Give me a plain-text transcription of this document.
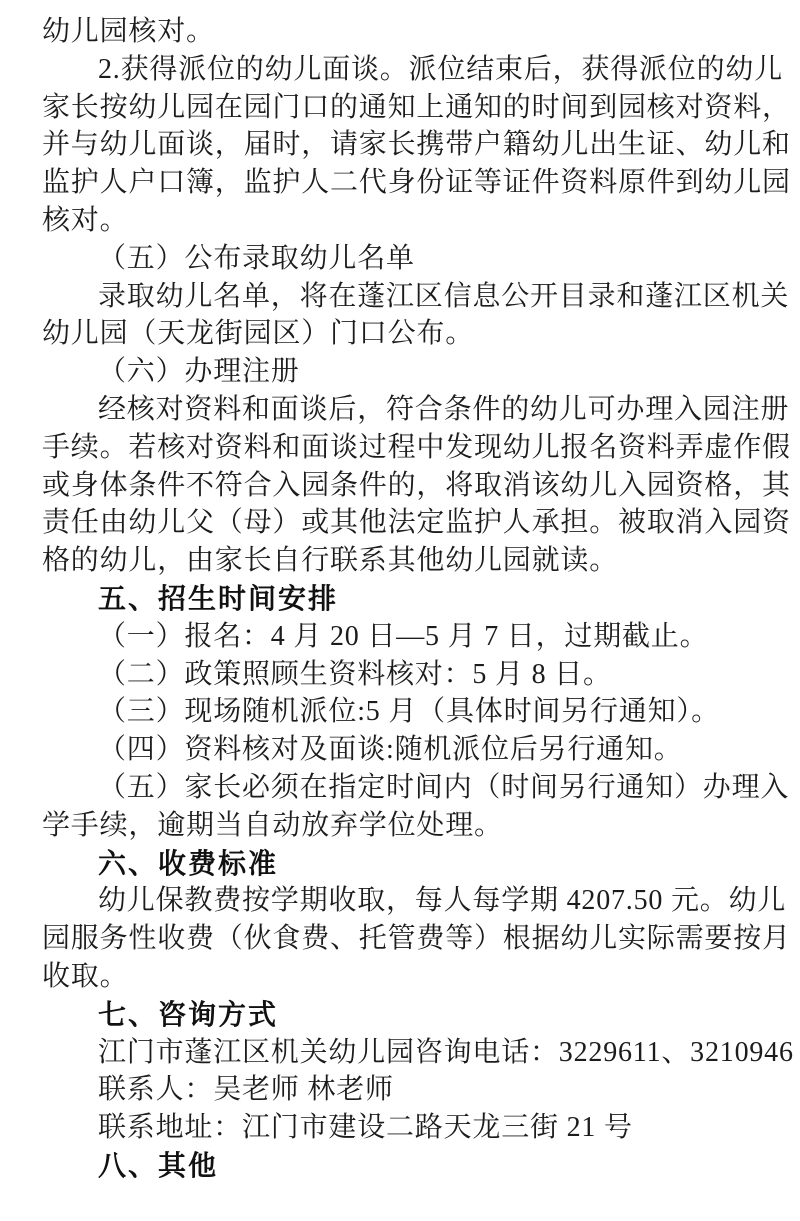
幼儿园核对。
2.获得派位的幼儿面谈。派位结束后，获得派位的幼儿
家长按幼儿园在园门口的通知上通知的时间到园核对资料，
并与幼儿面谈，届时，请家长携带户籍幼儿出生证、幼儿和
监护人户口簿，监护人二代身份证等证件资料原件到幼儿园
核对。
（五）公布录取幼儿名单
录取幼儿名单，将在蓬江区信息公开目录和蓬江区机关
幼儿园（天龙街园区）门口公布。
（六）办理注册
经核对资料和面谈后，符合条件的幼儿可办理入园注册
手续。若核对资料和面谈过程中发现幼儿报名资料弄虚作假
或身体条件不符合入园条件的，将取消该幼儿入园资格，其
责任由幼儿父（母）或其他法定监护人承担。被取消入园资
格的幼儿，由家长自行联系其他幼儿园就读。
五、招生时间安排
（一）报名：4 月 20 日—5 月 7 日，过期截止。
（二）政策照顾生资料核对：5 月 8 日。
（三）现场随机派位:5 月（具体时间另行通知）。
（四）资料核对及面谈:随机派位后另行通知。
（五）家长必须在指定时间内（时间另行通知）办理入
学手续，逾期当自动放弃学位处理。
六、收费标准
幼儿保教费按学期收取，每人每学期 4207.50 元。幼儿
园服务性收费（伙食费、托管费等）根据幼儿实际需要按月
收取。
七、咨询方式
江门市蓬江区机关幼儿园咨询电话：3229611、3210946
联系人：吴老师 林老师
联系地址：江门市建设二路天龙三街 21 号
八、其他
